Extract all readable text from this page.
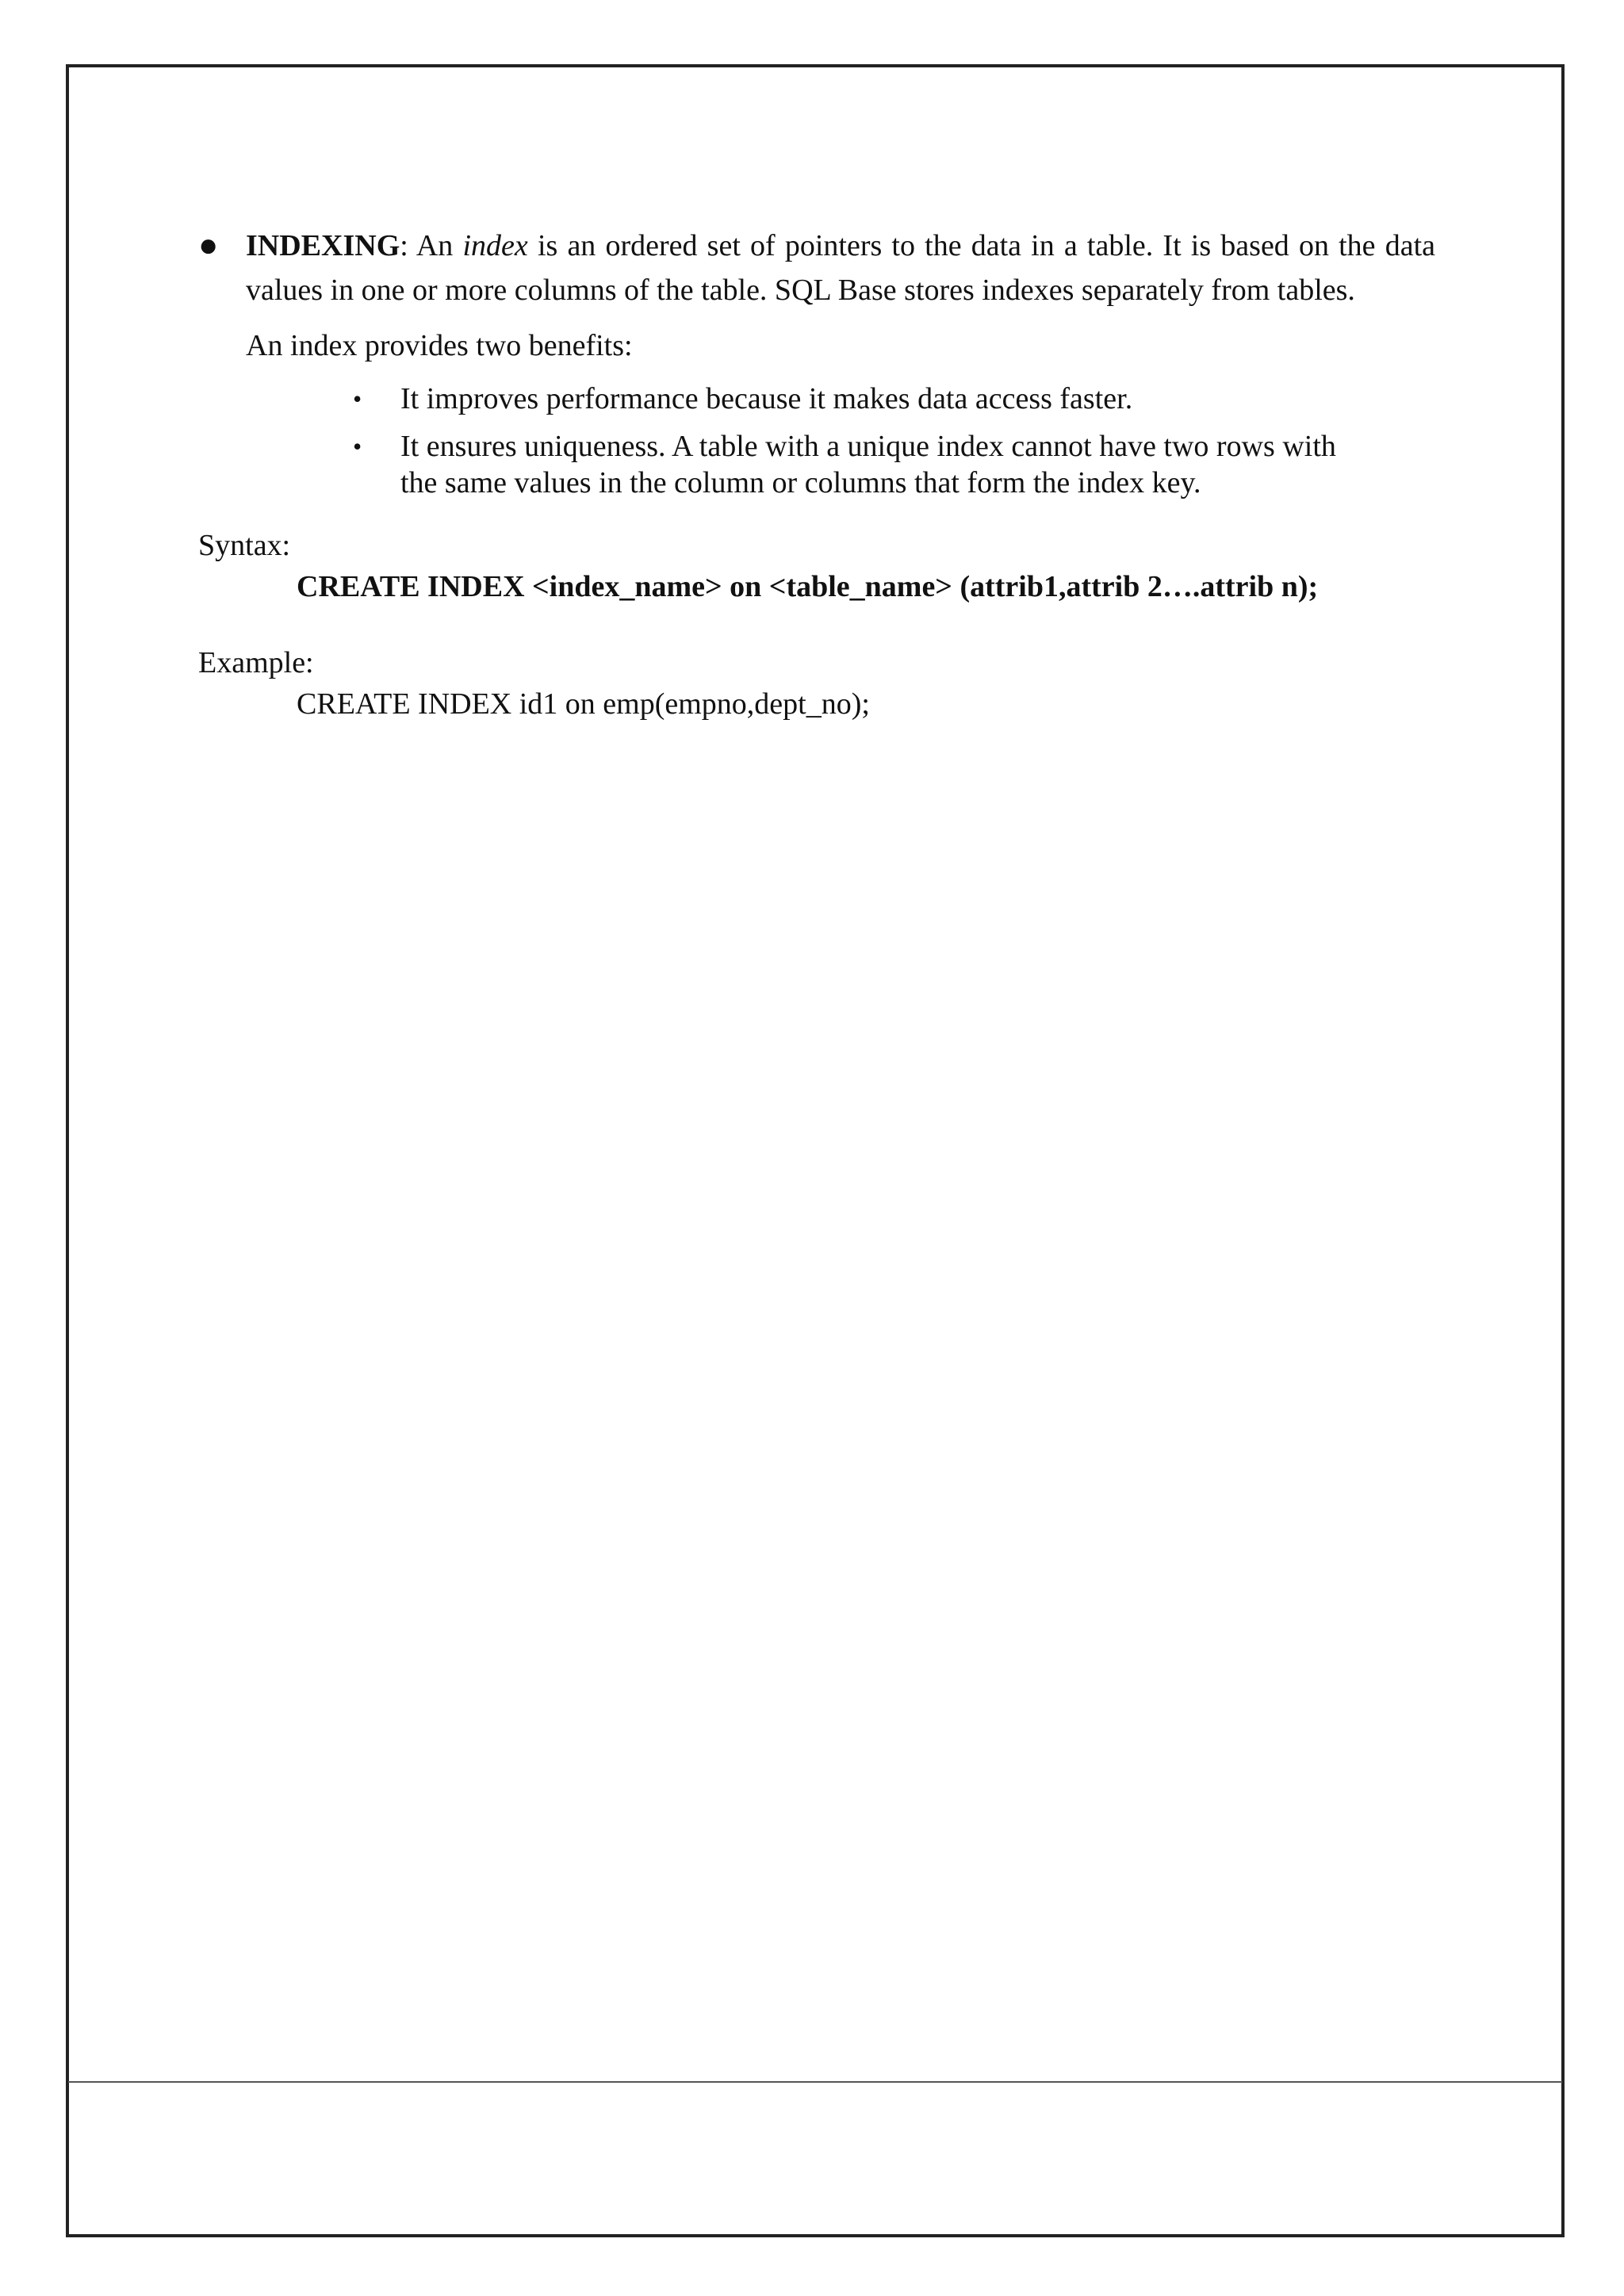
● INDEXING: An index is an ordered set of pointers to the data in a table. It is based on the data values in one or more columns of the table. SQL Base stores indexes separately from tables.

An index provides two benefits:

• It improves performance because it makes data access faster.
• It ensures uniqueness. A table with a unique index cannot have two rows with the same values in the column or columns that form the index key.

Syntax:

CREATE INDEX <index_name> on <table_name> (attrib1,attrib 2….attrib n);

Example:

CREATE INDEX id1 on emp(empno,dept_no);
